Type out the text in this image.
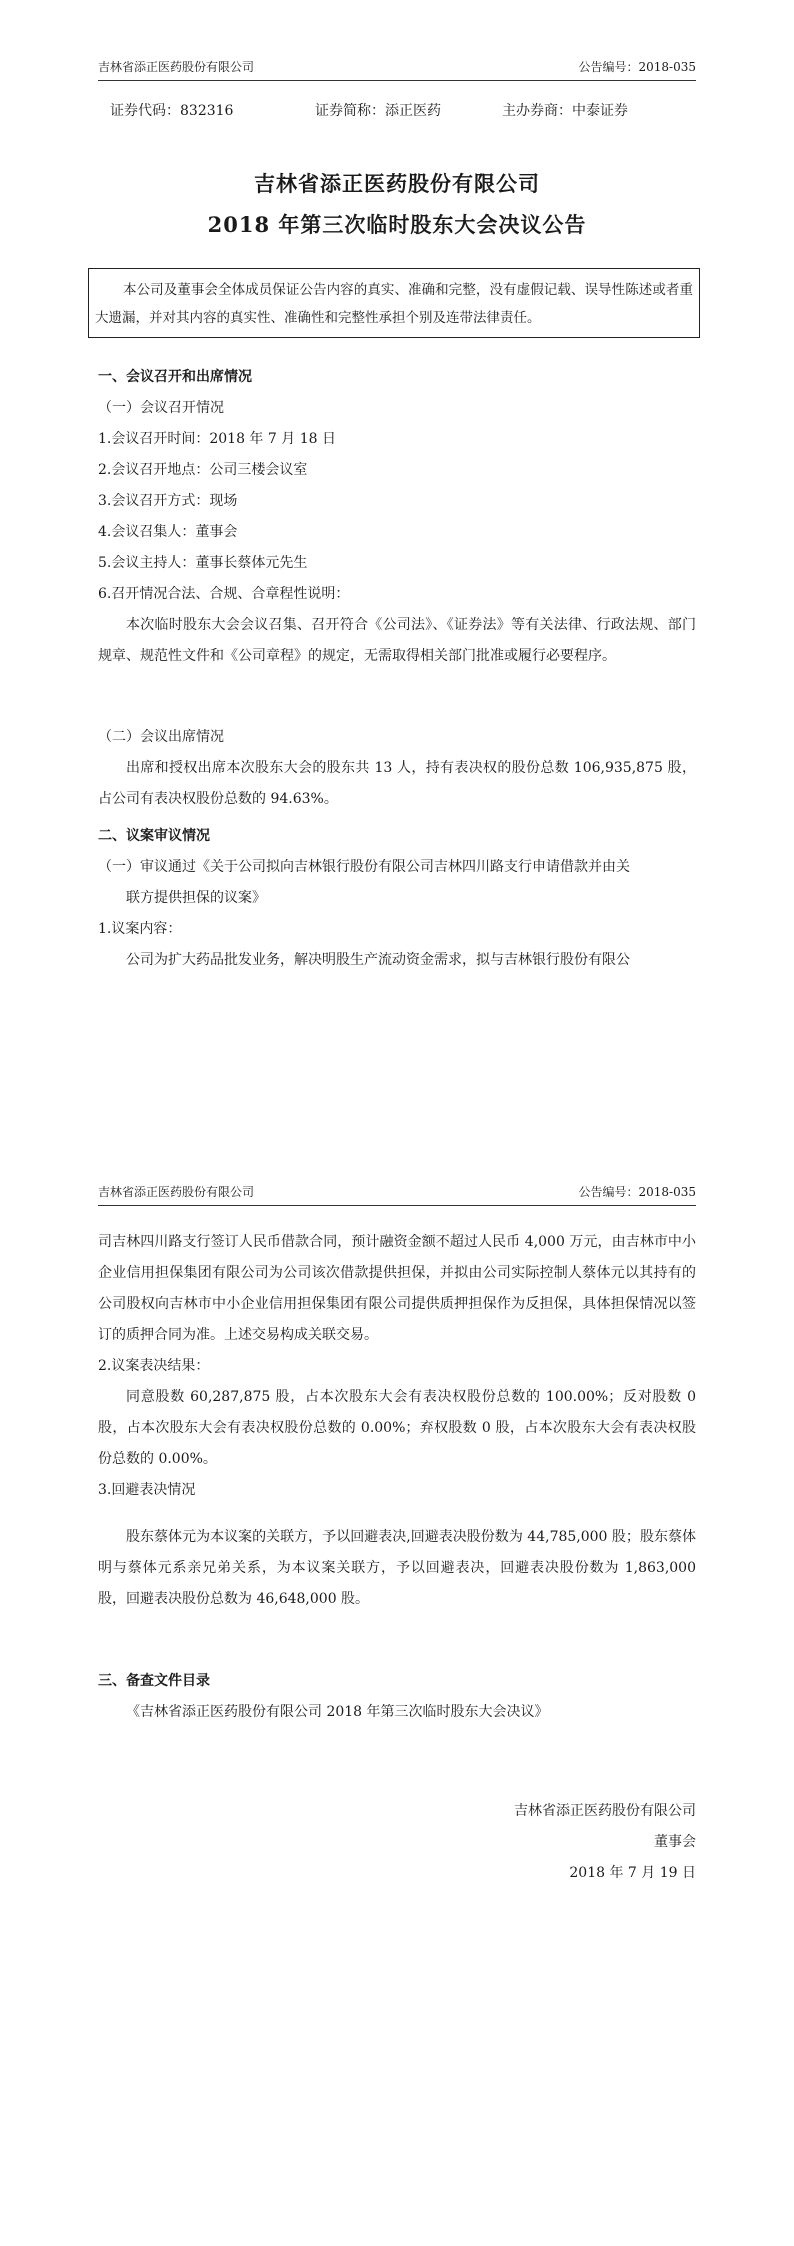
吉林省添正医药股份有限公司	公告编号：2018-035
证券代码：832316	证券简称：添正医药	主办券商：中泰证券
吉林省添正医药股份有限公司
2018 年第三次临时股东大会决议公告
本公司及董事会全体成员保证公告内容的真实、准确和完整，没有虚假记载、误导性陈述或者重大遗漏，并对其内容的真实性、准确性和完整性承担个别及连带法律责任。
一、会议召开和出席情况
（一）会议召开情况
1.会议召开时间：2018 年 7 月 18 日
2.会议召开地点：公司三楼会议室
3.会议召开方式：现场
4.会议召集人：董事会
5.会议主持人：董事长蔡体元先生
6.召开情况合法、合规、合章程性说明：
本次临时股东大会会议召集、召开符合《公司法》、《证券法》等有关法律、行政法规、部门规章、规范性文件和《公司章程》的规定，无需取得相关部门批准或履行必要程序。
（二）会议出席情况
出席和授权出席本次股东大会的股东共 13 人，持有表决权的股份总数 106,935,875 股，占公司有表决权股份总数的 94.63%。
二、议案审议情况
（一）审议通过《关于公司拟向吉林银行股份有限公司吉林四川路支行申请借款并由关
联方提供担保的议案》
1.议案内容：
公司为扩大药品批发业务，解决明股生产流动资金需求，拟与吉林银行股份有限公
吉林省添正医药股份有限公司	公告编号：2018-035
司吉林四川路支行签订人民币借款合同，预计融资金额不超过人民币 4,000 万元，由吉林市中小企业信用担保集团有限公司为公司该次借款提供担保，并拟由公司实际控制人蔡体元以其持有的公司股权向吉林市中小企业信用担保集团有限公司提供质押担保作为反担保，具体担保情况以签订的质押合同为准。上述交易构成关联交易。
2.议案表决结果：
同意股数 60,287,875 股，占本次股东大会有表决权股份总数的 100.00%；反对股数 0 股，占本次股东大会有表决权股份总数的 0.00%；弃权股数 0 股，占本次股东大会有表决权股份总数的 0.00%。
3.回避表决情况
股东蔡体元为本议案的关联方，予以回避表决,回避表决股份数为 44,785,000 股；股东蔡体明与蔡体元系亲兄弟关系，为本议案关联方，予以回避表决，回避表决股份数为 1,863,000 股，回避表决股份总数为 46,648,000 股。
三、备查文件目录
《吉林省添正医药股份有限公司 2018 年第三次临时股东大会决议》
吉林省添正医药股份有限公司
董事会
2018 年 7 月 19 日
